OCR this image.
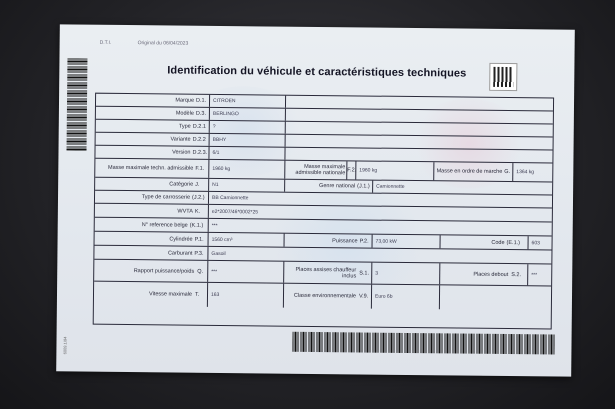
D.T.I.	Original du 06/04/2023
Identification du véhicule et caractéristiques techniques
Marque D.1.	CITROEN
Modèle D.3.	BERLINGO
Type D.2.1	?
Variante D.2.2	BBHY
Version D.2.3.	6/1
Masse maximale techn. admissible F.1.	1960 kg	Masse maximale admissible nationale F.2. 1960 kg	Masse en ordre de marche G.	1364 kg
Catégorie J.	N1	Genre national (J.1.)	Camionnette
Type de carrosserie (J.2.)	BB Camionnette
WVTA K.	e2*2007/46*0002*25
N° reference belge (K.1.)	***
Cylindrée P.1.	1560 cm³	Puissance P.2.	73,00 kW	Code (E.1.)	603
Carburant P.3.	Gasoil
Rapport puissance/poids Q.	***	Places assises chauffeur inclus S.1.	3	Places debout S.2.	***
Vitesse maximale T.	163	Classe environnementale V.9.	Euro 6b
6009.1/94
